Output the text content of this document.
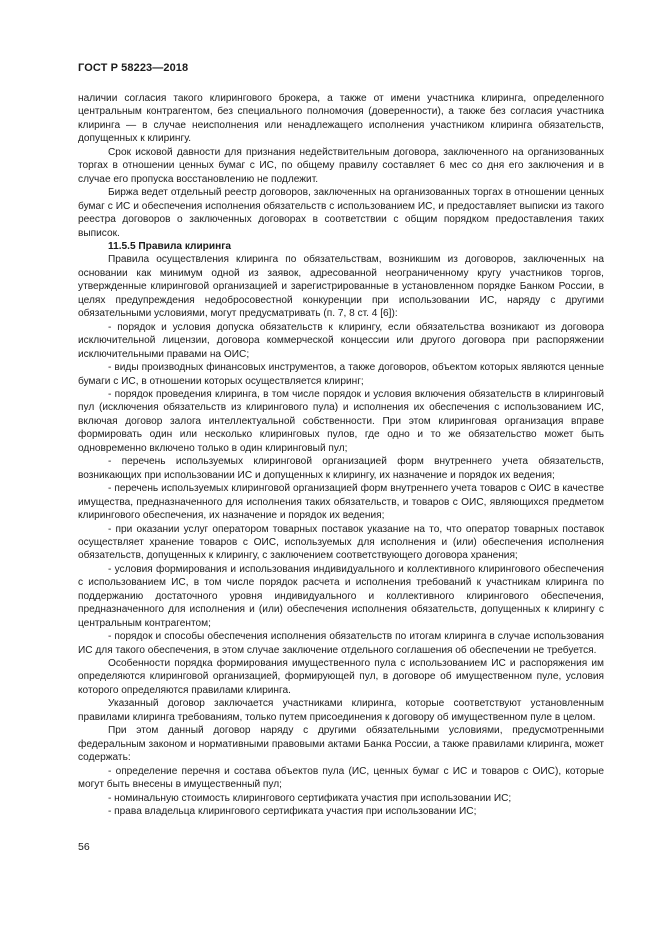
ГОСТ Р 58223—2018

наличии согласия такого клирингового брокера, а также от имени участника клиринга, определенного центральным контрагентом, без специального полномочия (доверенности), а также без согласия участника клиринга — в случае неисполнения или ненадлежащего исполнения участником клиринга обязательств, допущенных к клирингу.

Срок исковой давности для признания недействительным договора, заключенного на организованных торгах в отношении ценных бумаг с ИС, по общему правилу составляет 6 мес со дня его заключения и в случае его пропуска восстановлению не подлежит.

Биржа ведет отдельный реестр договоров, заключенных на организованных торгах в отношении ценных бумаг с ИС и обеспечения исполнения обязательств с использованием ИС, и предоставляет выписки из такого реестра договоров о заключенных договорах в соответствии с общим порядком предоставления таких выписок.

11.5.5 Правила клиринга

Правила осуществления клиринга по обязательствам, возникшим из договоров, заключенных на основании как минимум одной из заявок, адресованной неограниченному кругу участников торгов, утвержденные клиринговой организацией и зарегистрированные в установленном порядке Банком России, в целях предупреждения недобросовестной конкуренции при использовании ИС, наряду с другими обязательными условиями, могут предусматривать (п. 7, 8 ст. 4 [6]):

- порядок и условия допуска обязательств к клирингу, если обязательства возникают из договора исключительной лицензии, договора коммерческой концессии или другого договора при распоряжении исключительными правами на ОИС;

- виды производных финансовых инструментов, а также договоров, объектом которых являются ценные бумаги с ИС, в отношении которых осуществляется клиринг;

- порядок проведения клиринга, в том числе порядок и условия включения обязательств в клиринговый пул (исключения обязательств из клирингового пула) и исполнения их обеспечения с использованием ИС, включая договор залога интеллектуальной собственности. При этом клиринговая организация вправе формировать один или несколько клиринговых пулов, где одно и то же обязательство может быть одновременно включено только в один клиринговый пул;

- перечень используемых клиринговой организацией форм внутреннего учета обязательств, возникающих при использовании ИС и допущенных к клирингу, их назначение и порядок их ведения;

- перечень используемых клиринговой организацией форм внутреннего учета товаров с ОИС в качестве имущества, предназначенного для исполнения таких обязательств, и товаров с ОИС, являющихся предметом клирингового обеспечения, их назначение и порядок их ведения;

- при оказании услуг оператором товарных поставок указание на то, что оператор товарных поставок осуществляет хранение товаров с ОИС, используемых для исполнения и (или) обеспечения исполнения обязательств, допущенных к клирингу, с заключением соответствующего договора хранения;

- условия формирования и использования индивидуального и коллективного клирингового обеспечения с использованием ИС, в том числе порядок расчета и исполнения требований к участникам клиринга по поддержанию достаточного уровня индивидуального и коллективного клирингового обеспечения, предназначенного для исполнения и (или) обеспечения исполнения обязательств, допущенных к клирингу с центральным контрагентом;

- порядок и способы обеспечения исполнения обязательств по итогам клиринга в случае использования ИС для такого обеспечения, в этом случае заключение отдельного соглашения об обеспечении не требуется.

Особенности порядка формирования имущественного пула с использованием ИС и распоряжения им определяются клиринговой организацией, формирующей пул, в договоре об имущественном пуле, условия которого определяются правилами клиринга.

Указанный договор заключается участниками клиринга, которые соответствуют установленным правилами клиринга требованиям, только путем присоединения к договору об имущественном пуле в целом.

При этом данный договор наряду с другими обязательными условиями, предусмотренными федеральным законом и нормативными правовыми актами Банка России, а также правилами клиринга, может содержать:

- определение перечня и состава объектов пула (ИС, ценных бумаг с ИС и товаров с ОИС), которые могут быть внесены в имущественный пул;

- номинальную стоимость клирингового сертификата участия при использовании ИС;

- права владельца клирингового сертификата участия при использовании ИС;

56
